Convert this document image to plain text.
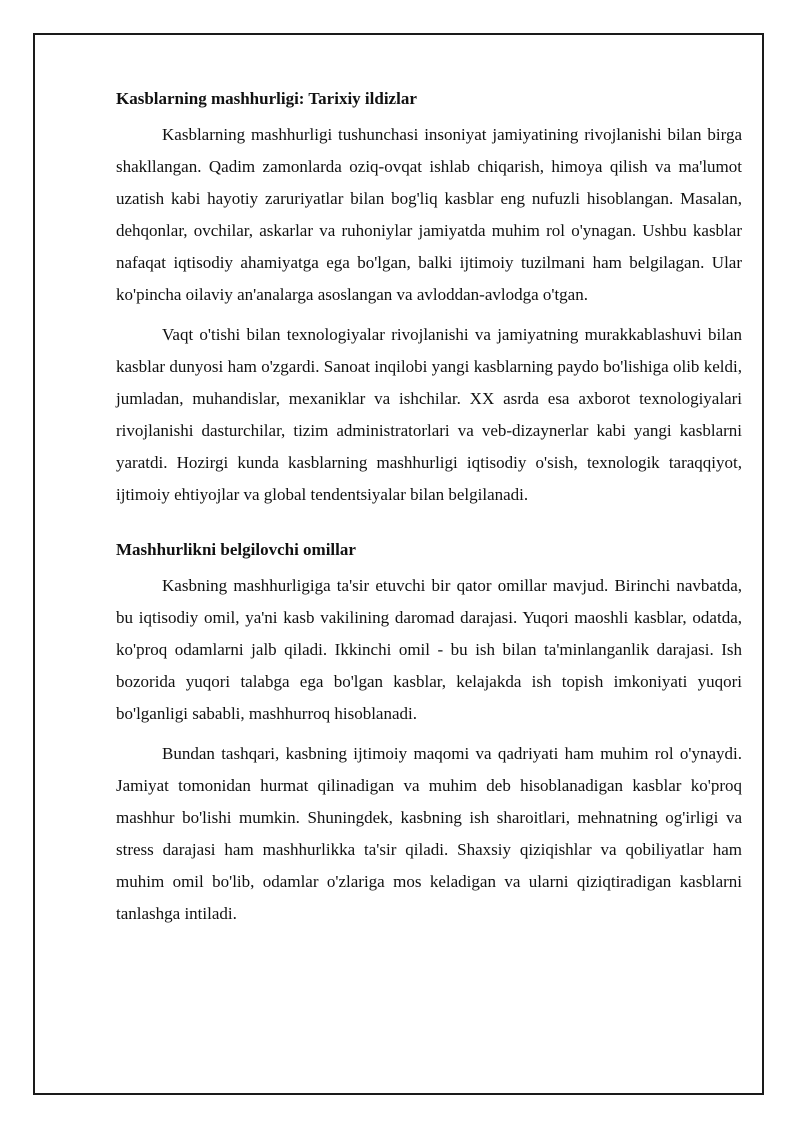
Kasblarning mashhurligi: Tarixiy ildizlar

Kasblarning mashhurligi tushunchasi insoniyat jamiyatining rivojlanishi bilan birga shakllangan. Qadim zamonlarda oziq-ovqat ishlab chiqarish, himoya qilish va ma'lumot uzatish kabi hayotiy zaruriyatlar bilan bog'liq kasblar eng nufuzli hisoblangan. Masalan, dehqonlar, ovchilar, askarlar va ruhoniylar jamiyatda muhim rol o'ynagan. Ushbu kasblar nafaqat iqtisodiy ahamiyatga ega bo'lgan, balki ijtimoiy tuzilmani ham belgilagan. Ular ko'pincha oilaviy an'analarga asoslangan va avloddan-avlodga o'tgan.

Vaqt o'tishi bilan texnologiyalar rivojlanishi va jamiyatning murakkablashuvi bilan kasblar dunyosi ham o'zgardi. Sanoat inqilobi yangi kasblarning paydo bo'lishiga olib keldi, jumladan, muhandislar, mexaniklar va ishchilar. XX asrda esa axborot texnologiyalari rivojlanishi dasturchilar, tizim administratorlari va veb-dizaynerlar kabi yangi kasblarni yaratdi. Hozirgi kunda kasblarning mashhurligi iqtisodiy o'sish, texnologik taraqqiyot, ijtimoiy ehtiyojlar va global tendentsiyalar bilan belgilanadi.

Mashhurlikni belgilovchi omillar

Kasbning mashhurligiga ta'sir etuvchi bir qator omillar mavjud. Birinchi navbatda, bu iqtisodiy omil, ya'ni kasb vakilining daromad darajasi. Yuqori maoshli kasblar, odatda, ko'proq odamlarni jalb qiladi. Ikkinchi omil - bu ish bilan ta'minlanganlik darajasi. Ish bozorida yuqori talabga ega bo'lgan kasblar, kelajakda ish topish imkoniyati yuqori bo'lganligi sababli, mashhurroq hisoblanadi.

Bundan tashqari, kasbning ijtimoiy maqomi va qadriyati ham muhim rol o'ynaydi. Jamiyat tomonidan hurmat qilinadigan va muhim deb hisoblanadigan kasblar ko'proq mashhur bo'lishi mumkin. Shuningdek, kasbning ish sharoitlari, mehnatning og'irligi va stress darajasi ham mashhurlikka ta'sir qiladi. Shaxsiy qiziqishlar va qobiliyatlar ham muhim omil bo'lib, odamlar o'zlariga mos keladigan va ularni qiziqtiradigan kasblarni tanlashga intiladi.
